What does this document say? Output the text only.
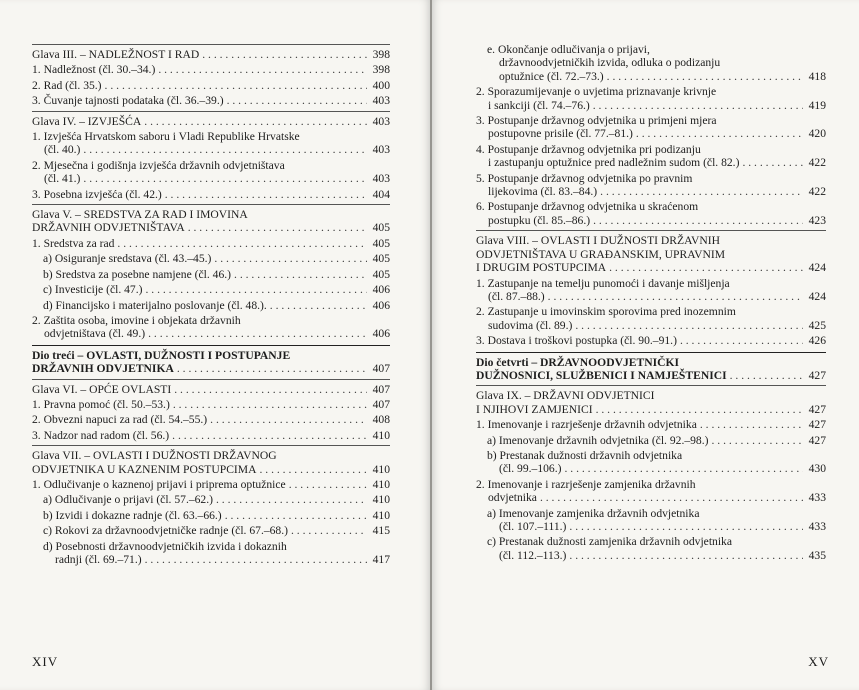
Glava III. – NADLEŽNOST I RAD . . .	398
1. Nadležnost (čl. 30.–34.) . . .	398
2. Rad (čl. 35.) . . .	400
3. Čuvanje tajnosti podataka (čl. 36.–39.) . . .	403
Glava IV. – IZVJEŠĆA . . .	403
1. Izvješća Hrvatskom saboru i Vladi Republike Hrvatske
(čl. 40.) . . .	403
2. Mjesečna i godišnja izvješća državnih odvjetništava
(čl. 41.) . . .	403
3. Posebna izvješća (čl. 42.) . . .	404
Glava V. – SREDSTVA ZA RAD I IMOVINA
DRŽAVNIH ODVJETNIŠTAVA . . .	405
1. Sredstva za rad . . .	405
a) Osiguranje sredstava (čl. 43.–45.) . . .	405
b) Sredstva za posebne namjene (čl. 46.) . . .	405
c) Investicije (čl. 47.) . . .	406
d) Financijsko i materijalno poslovanje (čl. 48.). . . .	406
2. Zaštita osoba, imovine i objekata državnih
odvjetništava (čl. 49.) . . .	406
Dio treći – OVLASTI, DUŽNOSTI I POSTUPANJE
DRŽAVNIH ODVJETNIKA . . .	407
Glava VI. – OPĆE OVLASTI . . .	407
1. Pravna pomoć (čl. 50.–53.) . . .	407
2. Obvezni napuci za rad (čl. 54.–55.) . . .	408
3. Nadzor nad radom (čl. 56.) . . .	410
Glava VII. – OVLASTI I DUŽNOSTI DRŽAVNOG
ODVJETNIKA U KAZNENIM POSTUPCIMA . . .	410
1. Odlučivanje o kaznenoj prijavi i priprema optužnice . . .	410
a) Odlučivanje o prijavi (čl. 57.–62.) . . .	410
b) Izvidi i dokazne radnje (čl. 63.–66.) . . .	410
c) Rokovi za državnoodvjetničke radnje (čl. 67.–68.) . . .	415
d) Posebnosti državnoodvjetničkih izvida i dokaznih
radnji (čl. 69.–71.) . . .	417
XIV
e. Okončanje odlučivanja o prijavi,
državnoodvjetničkih izvida, odluka o podizanju
optužnice (čl. 72.–73.) . . .	418
2. Sporazumijevanje o uvjetima priznavanje krivnje
i sankciji (čl. 74.–76.) . . .	419
3. Postupanje državnog odvjetnika u primjeni mjera
postupovne prisile (čl. 77.–81.) . . .	420
4. Postupanje državnog odvjetnika pri podizanju
i zastupanju optužnice pred nadležnim sudom (čl. 82.) . . .	422
5. Postupanje državnog odvjetnika po pravnim
lijekovima (čl. 83.–84.) . . .	422
6. Postupanje državnog odvjetnika u skraćenom
postupku (čl. 85.–86.) . . .	423
Glava VIII. – OVLASTI I DUŽNOSTI DRŽAVNIH
ODVJETNIŠTAVA U GRAĐANSKIM, UPRAVNIM
I DRUGIM POSTUPCIMA . . .	424
1. Zastupanje na temelju punomoći i davanje mišljenja
(čl. 87.–88.) . . .	424
2. Zastupanje u imovinskim sporovima pred inozemnim
sudovima (čl. 89.) . . .	425
3. Dostava i troškovi postupka (čl. 90.–91.) . . .	426
Dio četvrti – DRŽAVNOODVJETNIČKI
DUŽNOSNICI, SLUŽBENICI I NAMJEŠTENICI . . .	427
Glava IX. – DRŽAVNI ODVJETNICI
I NJIHOVI ZAMJENICI . . .	427
1. Imenovanje i razrješenje državnih odvjetnika . . .	427
a) Imenovanje državnih odvjetnika (čl. 92.–98.) . . .	427
b) Prestanak dužnosti državnih odvjetnika
(čl. 99.–106.) . . .	430
2. Imenovanje i razrješenje zamjenika državnih
odvjetnika . . .	433
a) Imenovanje zamjenika državnih odvjetnika
(čl. 107.–111.) . . .	433
c) Prestanak dužnosti zamjenika državnih odvjetnika
(čl. 112.–113.) . . .	435
XV
